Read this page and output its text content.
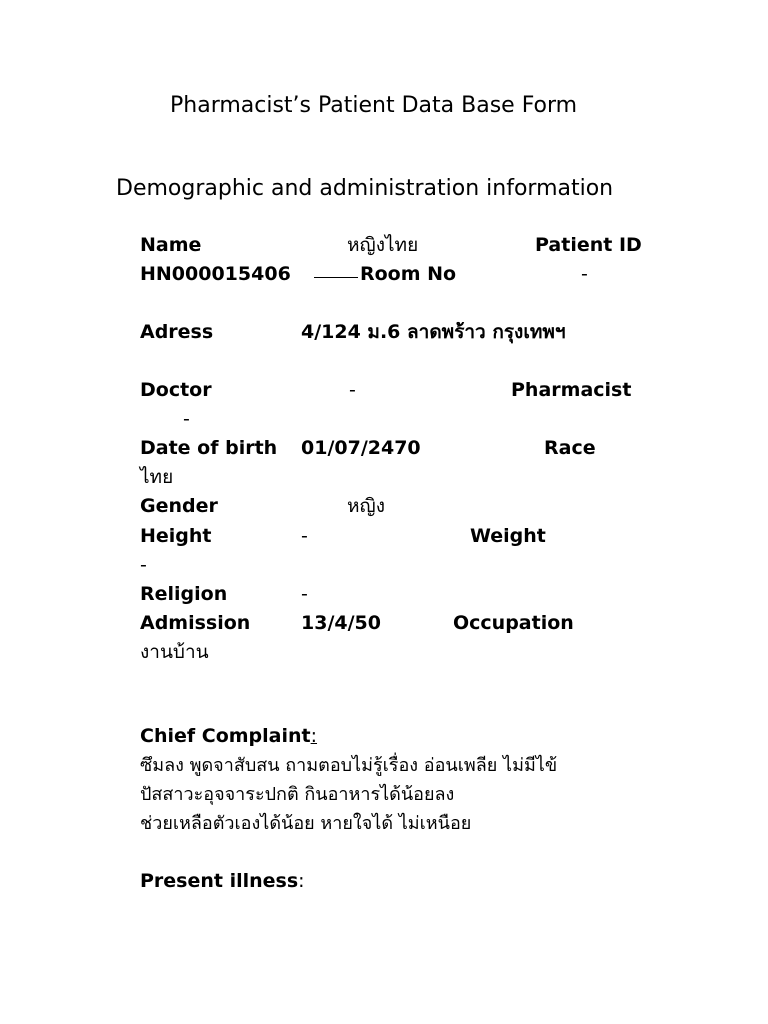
Pharmacist’s Patient Data Base Form
Demographic and administration information
Name	หญิงไทย	Patient ID
HN000015406	Room No	-
Adress	4/124 ม.6 ลาดพร้าว กรุงเทพฯ
Doctor	-	Pharmacist
-
Date of birth 01/07/2470	Race
ไทย
Gender	หญิง
Height	-	Weight
-
Religion	-
Admission	13/4/50	Occupation
งานบ้าน
Chief Complaint:
ซึมลง พูดจาสับสน ถามตอบไม่รู้เรื่อง อ่อนเพลีย ไม่มีไข้
ปัสสาวะอุจจาระปกติ กินอาหารได้น้อยลง
ช่วยเหลือตัวเองได้น้อย หายใจได้ ไม่เหนือย
Present illness:
